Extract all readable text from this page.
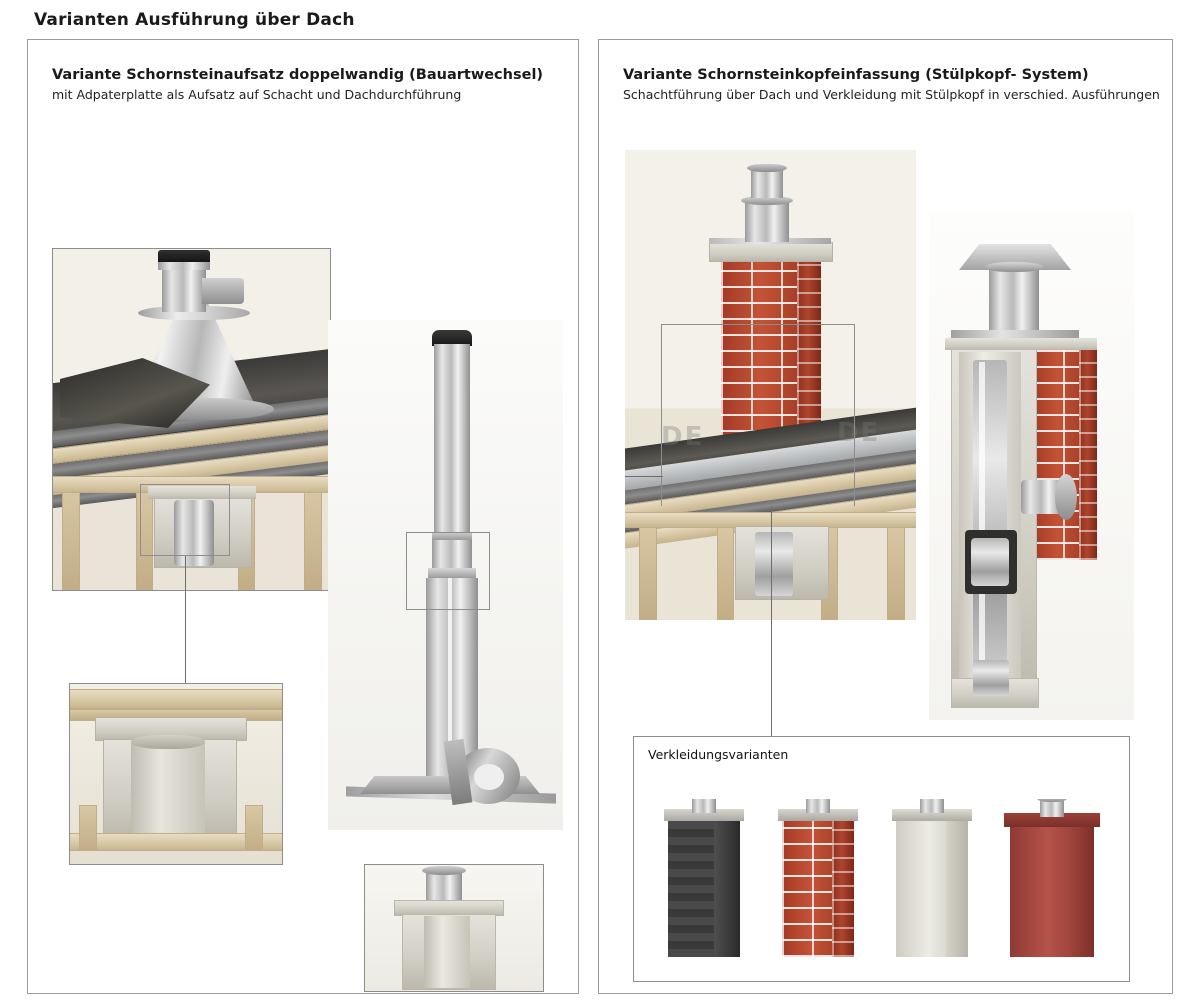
Varianten Ausführung über Dach
Variante Schornsteinaufsatz doppelwandig (Bauartwechsel)

mit Adpaterplatte als Aufsatz auf Schacht und Dachdurchführung

Variante Schornsteinkopfeinfassung (Stülpkopf- System)

Schachtführung über Dach und Verkleidung mit Stülpkopf in verschied. Ausführungen

DE	DE
Verkleidungsvarianten
